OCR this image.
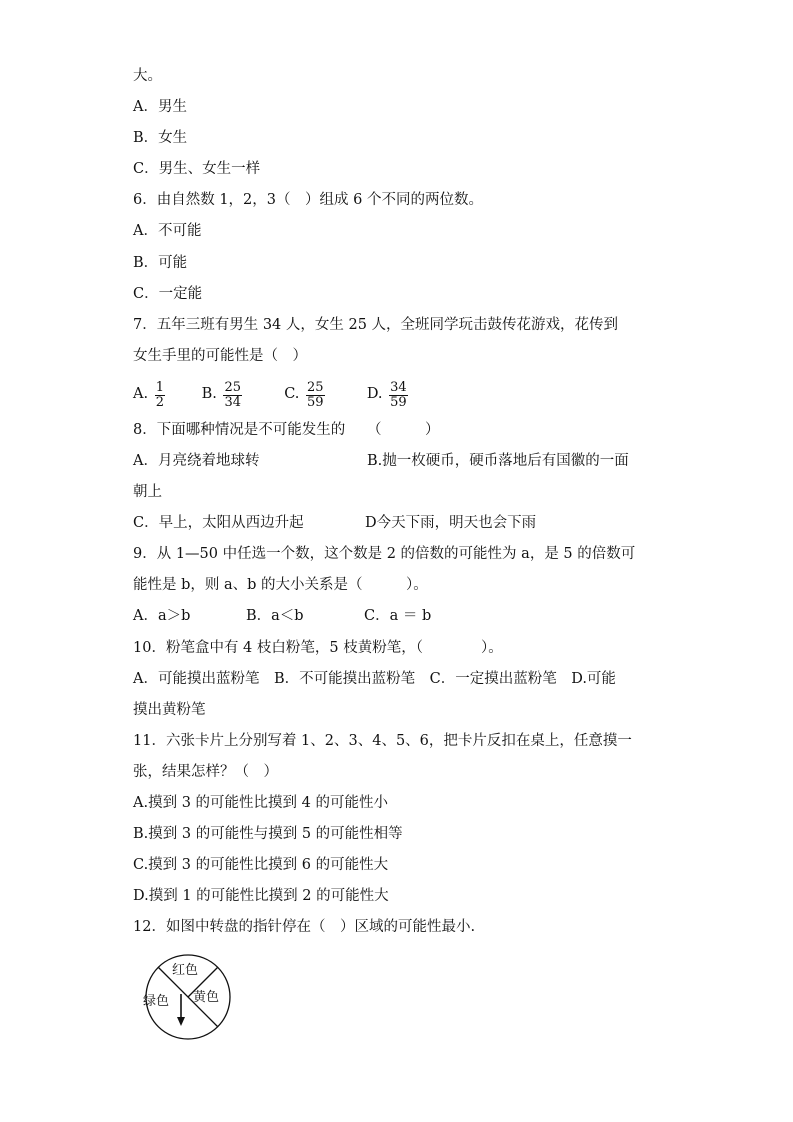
大。
A．男生
B．女生
C．男生、女生一样
6．由自然数 1，2，3（　）组成 6 个不同的两位数。
A．不可能
B．可能
C．一定能
7．五年三班有男生 34 人，女生 25 人，全班同学玩击鼓传花游戏，花传到
女生手里的可能性是（　）
A. $\frac{1}{2}$	B. $\frac{25}{34}$	C. $\frac{25}{59}$	D. $\frac{34}{59}$
8．下面哪种情况是不可能发生的　　（　　　）
A．月亮绕着地球转	B.抛一枚硬币，硬币落地后有国徽的一面
朝上
C．早上，太阳从西边升起	D今天下雨，明天也会下雨
9．从 1—50 中任选一个数，这个数是 2 的倍数的可能性为 a，是 5 的倍数可
能性是 b，则 a、b 的大小关系是（　　　）。
A．a＞b	B．a＜b	C．a ＝ b
10．粉笔盒中有 4 枝白粉笔，5 枝黄粉笔，（　　　　）。
A．可能摸出蓝粉笔　B．不可能摸出蓝粉笔　C．一定摸出蓝粉笔　D.可能
摸出黄粉笔
11．六张卡片上分别写着 1、2、3、4、5、6，把卡片反扣在桌上，任意摸一
张，结果怎样？（　）
A.摸到 3 的可能性比摸到 4 的可能性小
B.摸到 3 的可能性与摸到 5 的可能性相等
C.摸到 3 的可能性比摸到 6 的可能性大
D.摸到 1 的可能性比摸到 2 的可能性大
12．如图中转盘的指针停在（　）区域的可能性最小.
红色
绿色 黄色
